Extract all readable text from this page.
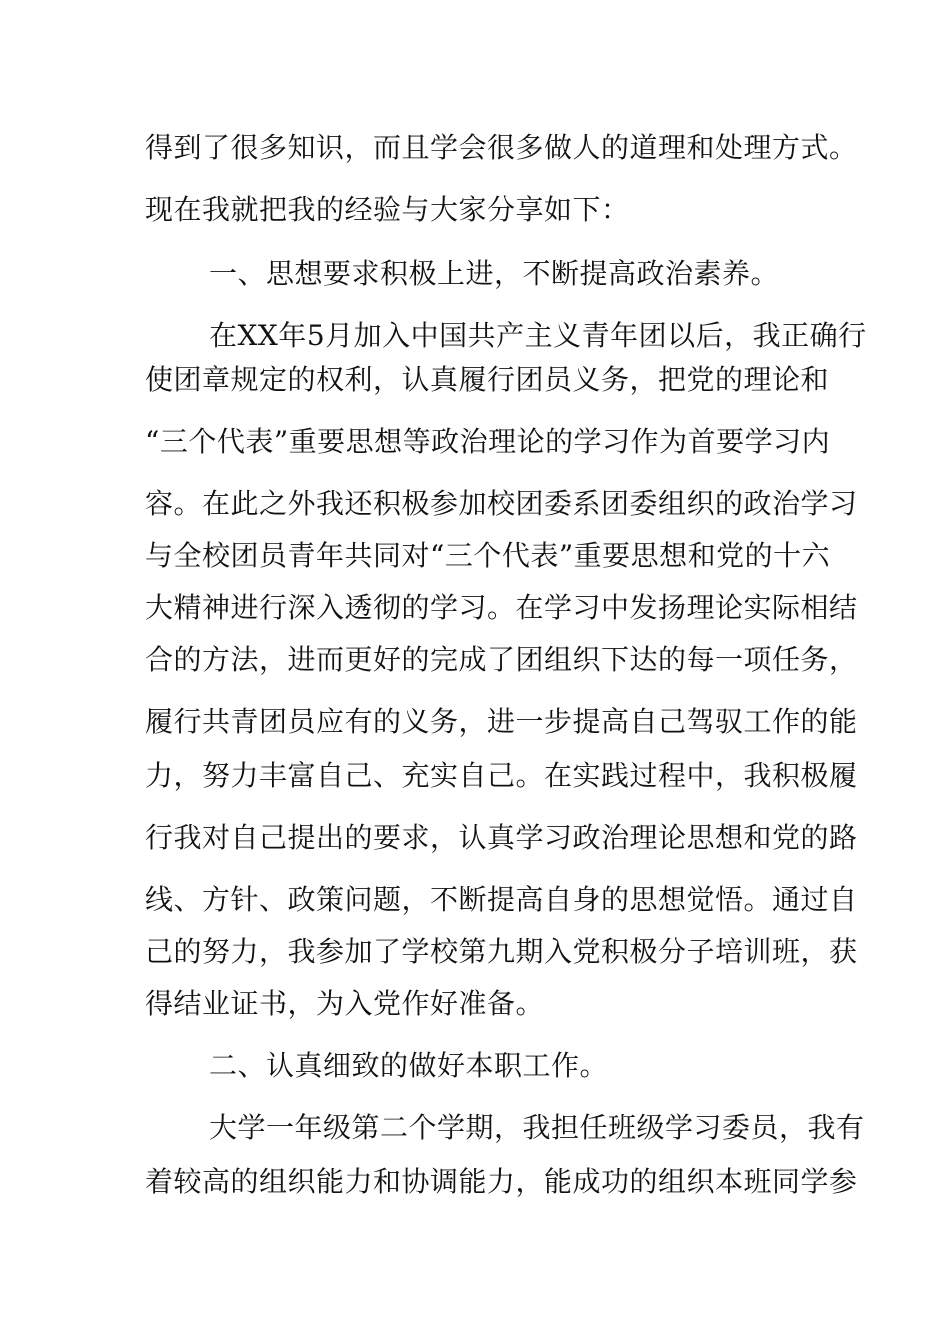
得到了很多知识，而且学会很多做人的道理和处理方式。
现在我就把我的经验与大家分享如下：
一、思想要求积极上进，不断提高政治素养。
在XX年5月加入中国共产主义青年团以后，我正确行
使团章规定的权利，认真履行团员义务，把党的理论和
“三个代表”重要思想等政治理论的学习作为首要学习内
容。在此之外我还积极参加校团委系团委组织的政治学习
与全校团员青年共同对“三个代表”重要思想和党的十六
大精神进行深入透彻的学习。在学习中发扬理论实际相结
合的方法，进而更好的完成了团组织下达的每一项任务，
履行共青团员应有的义务，进一步提高自己驾驭工作的能
力，努力丰富自己、充实自己。在实践过程中，我积极履
行我对自己提出的要求，认真学习政治理论思想和党的路
线、方针、政策问题，不断提高自身的思想觉悟。通过自
己的努力，我参加了学校第九期入党积极分子培训班，获
得结业证书，为入党作好准备。
二、认真细致的做好本职工作。
大学一年级第二个学期，我担任班级学习委员，我有
着较高的组织能力和协调能力，能成功的组织本班同学参
